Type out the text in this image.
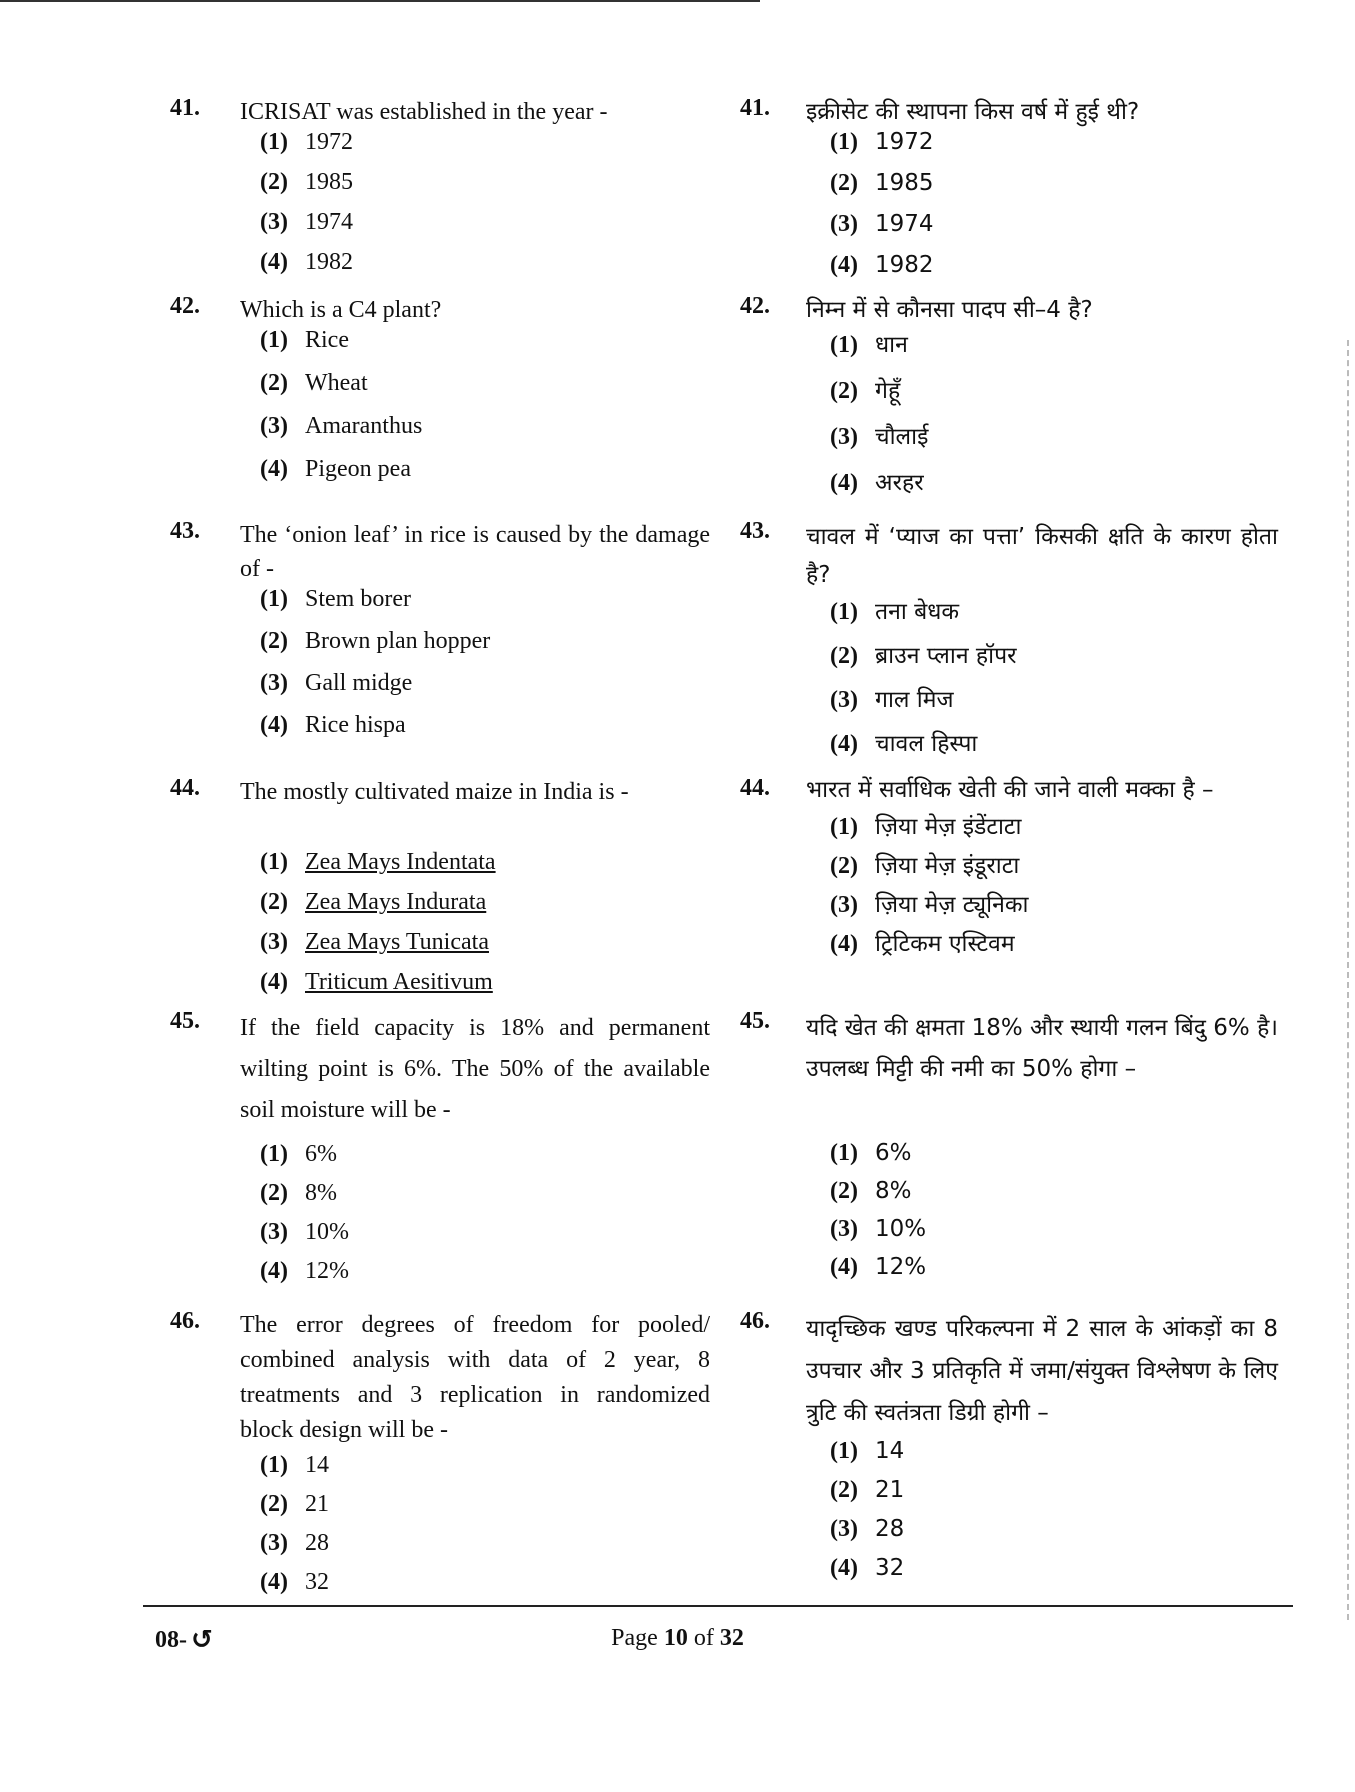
41. ICRISAT was established in the year -
(1) 1972
(2) 1985
(3) 1974
(4) 1982
42. Which is a C4 plant?
(1) Rice
(2) Wheat
(3) Amaranthus
(4) Pigeon pea
43. The ‘onion leaf’ in rice is caused by the damage of -
(1) Stem borer
(2) Brown plan hopper
(3) Gall midge
(4) Rice hispa
44. The mostly cultivated maize in India is -
(1) Zea Mays Indentata
(2) Zea Mays Indurata
(3) Zea Mays Tunicata
(4) Triticum Aesitivum
45. If the field capacity is 18% and permanent wilting point is 6%. The 50% of the available soil moisture will be -
(1) 6%
(2) 8%
(3) 10%
(4) 12%
46. The error degrees of freedom for pooled/ combined analysis with data of 2 year, 8 treatments and 3 replication in randomized block design will be -
(1) 14
(2) 21
(3) 28
(4) 32
41. इक्रीसेट की स्थापना किस वर्ष में हुई थी?
(1) 1972
(2) 1985
(3) 1974
(4) 1982
42. निम्न में से कौनसा पादप सी–4 है?
(1) धान
(2) गेहूँ
(3) चौलाई
(4) अरहर
43. चावल में ‘प्याज का पत्ता’ किसकी क्षति के कारण होता है?
(1) तना बेधक
(2) ब्राउन प्लान हॉपर
(3) गाल मिज
(4) चावल हिस्पा
44. भारत में सर्वाधिक खेती की जाने वाली मक्का है –
(1) ज़िया मेज़ इंडेंटाटा
(2) ज़िया मेज़ इंडूराटा
(3) ज़िया मेज़ ट्यूनिका
(4) ट्रिटिकम एस्टिवम
45. यदि खेत की क्षमता 18% और स्थायी गलन बिंदु 6% है। उपलब्ध मिट्टी की नमी का 50% होगा –
(1) 6%
(2) 8%
(3) 10%
(4) 12%
46. यादृच्छिक खण्ड परिकल्पना में 2 साल के आंकड़ों का 8 उपचार और 3 प्रतिकृति में जमा/संयुक्त विश्लेषण के लिए त्रुटि की स्वतंत्रता डिग्री होगी –
(1) 14
(2) 21
(3) 28
(4) 32
08- ↺	Page 10 of 32
